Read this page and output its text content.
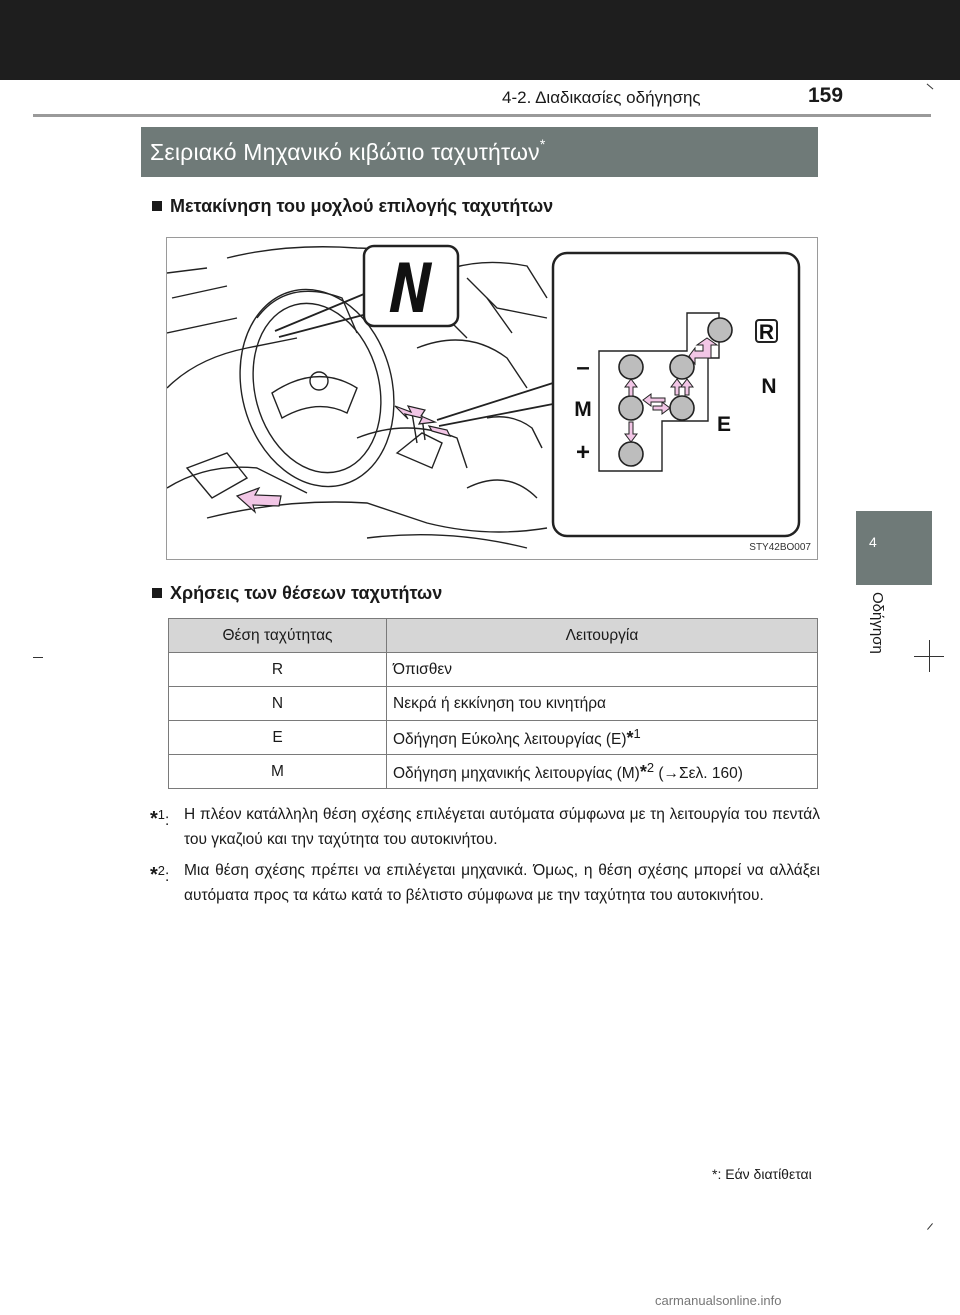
4-2. Διαδικασίες οδήγησης	159
Σειριακό Μηχανικό κιβώτιο ταχυτήτων*
Μετακίνηση του μοχλού επιλογής ταχυτήτων
N
R
N
E
M
–
+
STY42BO007
Χρήσεις των θέσεων ταχυτήτων
Θέση ταχύτητας	Λειτουργία
R	Όπισθεν
N	Νεκρά ή εκκίνηση του κινητήρα
E	Οδήγηση Εύκολης λειτουργίας (E)*$^1$
M	Οδήγηση μηχανικής λειτουργίας (M)*$^2$ (→Σελ. 160)
*$^1$: Η πλέον κατάλληλη θέση σχέσης επιλέγεται αυτόματα σύμφωνα με τη λειτουργία του πεντάλ του γκαζιού και την ταχύτητα του αυτοκινήτου.
*$^2$: Μια θέση σχέσης πρέπει να επιλέγεται μηχανικά. Όμως, η θέση σχέσης μπορεί να αλλάξει αυτόματα προς τα κάτω κατά το βέλτιστο σύμφωνα με την ταχύτητα του αυτοκινήτου.
*: Εάν διατίθεται
4
Οδήγηση
carmanualsonline.info
